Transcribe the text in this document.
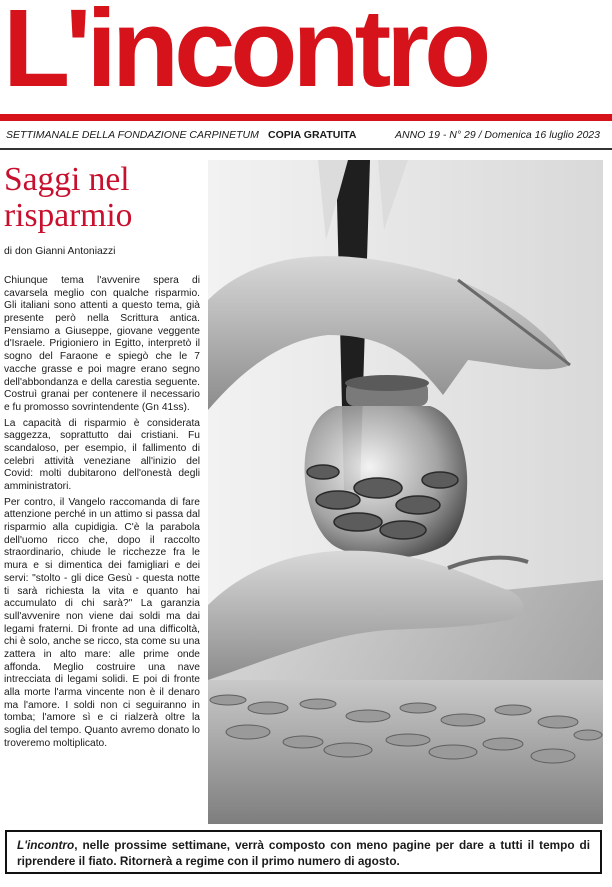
L'incontro
SETTIMANALE DELLA FONDAZIONE CARPINETUM COPIA GRATUITA	ANNO 19 - N° 29 / Domenica 16 luglio 2023
Saggi nel risparmio
di don Gianni Antoniazzi

Chiunque tema l'avvenire spera di cavarsela meglio con qualche risparmio. Gli italiani sono attenti a questo tema, già presente però nella Scrittura antica. Pensiamo a Giuseppe, giovane veggente d'Israele. Prigioniero in Egitto, interpretò il sogno del Faraone e spiegò che le 7 vacche grasse e poi magre erano segno dell'abbondanza e della carestia seguente. Costruì granai per contenere il necessario e fu promosso sovrintendente (Gn 41ss).

La capacità di risparmio è considerata saggezza, soprattutto dai cristiani. Fu scandaloso, per esempio, il fallimento di celebri attività veneziane all'inizio del Covid: molti dubitarono dell'onestà degli amministratori.

Per contro, il Vangelo raccomanda di fare attenzione perché in un attimo si passa dal risparmio alla cupidigia. C'è la parabola dell'uomo ricco che, dopo il raccolto straordinario, chiude le ricchezze fra le mura e si dimentica dei famigliari e dei servi: "stolto - gli dice Gesù - questa notte ti sarà richiesta la vita e quanto hai accumulato di chi sarà?" La garanzia sull'avvenire non viene dai soldi ma dai legami fraterni. Di fronte ad una difficoltà, chi è solo, anche se ricco, sta come su una zattera in alto mare: alle prime onde affonda. Meglio costruire una nave intrecciata di legami solidi. E poi di fronte alla morte l'arma vincente non è il denaro ma l'amore. I soldi non ci seguiranno in tomba; l'amore sì e ci rialzerà oltre la soglia del tempo. Quanto avremo donato lo troveremo moltiplicato.

L'incontro, nelle prossime settimane, verrà composto con meno pagine per dare a tutti il tempo di riprendere il fiato. Ritornerà a regime con il primo numero di agosto.
